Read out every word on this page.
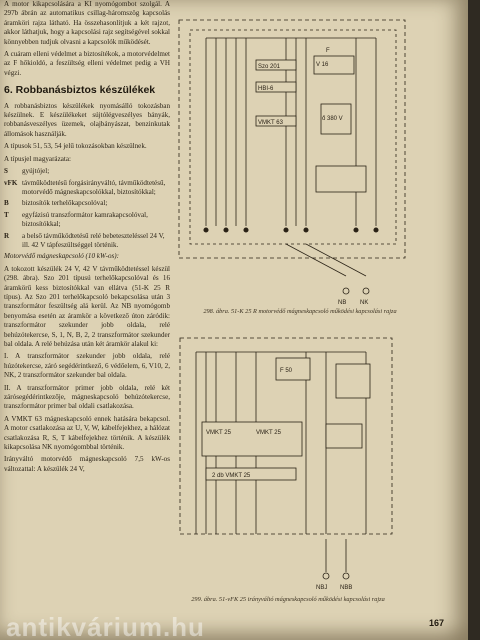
A motor kikapcsolására a KI nyomógombot szolgál. A 297b ábrán az automatikus csillag-háromszög kapcsolás áramköri rajza látható. Ha összehasonlítjuk a két rajzot, akkor láthatjuk, hogy a kapcsolási rajz segítségével sokkal könnyebben tudjuk olvasni a kapcsolók működését.

A cuáram elleni védelmet a biztosítékok, a motorvédelmet az F hőkioldó, a feszültség elleni védelmet pedig a VH végzi.

6. Robbanásbiztos készülékek

A robbanásbiztos készülékek nyomásálló tokozásban készülnek. E készülékeket sújtólégveszélyes bányák, robbanásveszélyes üzemek, olajbányászat, benzinkutak állomások használják.

A típusok 51, 53, 54 jelű tokozásokban készülnek.

A típusjel magyarázata:

S	gyújtójel;
vFK távműködtetésű forgásirányváltó, távműködtetésű, motorvédő mágneskapcsolókkal, biztosítókkal;
B	biztosítók terhelőkapcsolóval;
T	egyfázisú transzformátor kamrakapcsolóval, biztosítókkal;
R	a belső távműködtetésű relé bebeteszteléssel 24 V, ill. 42 V tápfeszültséggel történik.

Motorvédő mágneskapcsoló (10 kW-os):

A tokozott készülék 24 V, 42 V távműködtetéssel készül (298. ábra). Szo 201 típusú terhelőkapcsolóval és 16 áramkörű kess biztosítókkal van ellátva (51-K 25 R típus). Az Szo 201 terhelőkapcsoló bekapcsolása után 3 transzformátor feszültség alá kerül. Az NB nyomógomb benyomása esetén az áramkör a következő úton záródik: transzformátor szekunder jobb oldala, relé behúzótekercse, S, 1, N, B, 2, 2 transzformátor szekunder bal oldala. A relé behúzása után két áramkör alakul ki:

I. A transzformátor szekunder jobb oldala, relé húzótekercse, záró segédérintkező, 6 védőelem, 6, V10, 2, NK, 2 transzformátor szekunder bal oldala.

II. A transzformátor primer jobb oldala, relé két zárósegédérintkezője, mágneskapcsoló behúzótekercse, transzformátor primer bal oldali csatlakozása.

A VMKT 63 mágneskapcsoló ennek hatására bekapcsol. A motor csatlakozása az U, V, W, kábelfejekhez, a hálózat csatlakozása R, S, T kábelfejekhez történik. A készülék kikapcsolása NK nyomógombbal történik.

Irányváltó motorvédő mágneskapcsoló 7,5 kW-os változattal: A készülék 24 V,

F
V 16
Szo 201
HBI-6
VMKT 63
ő 380 V
NB NK
298. ábra. 51-K 25 R motorvédő mágneskapcsoló működési kapcsolási rajza
F 50
VMKT 25	VMKT 25
2 db VMKT 25
NBJ NBB
299. ábra. 51-vFK 25 irányváltó mágneskapcsoló működési kapcsolási rajza
167
antikvárium.hu
